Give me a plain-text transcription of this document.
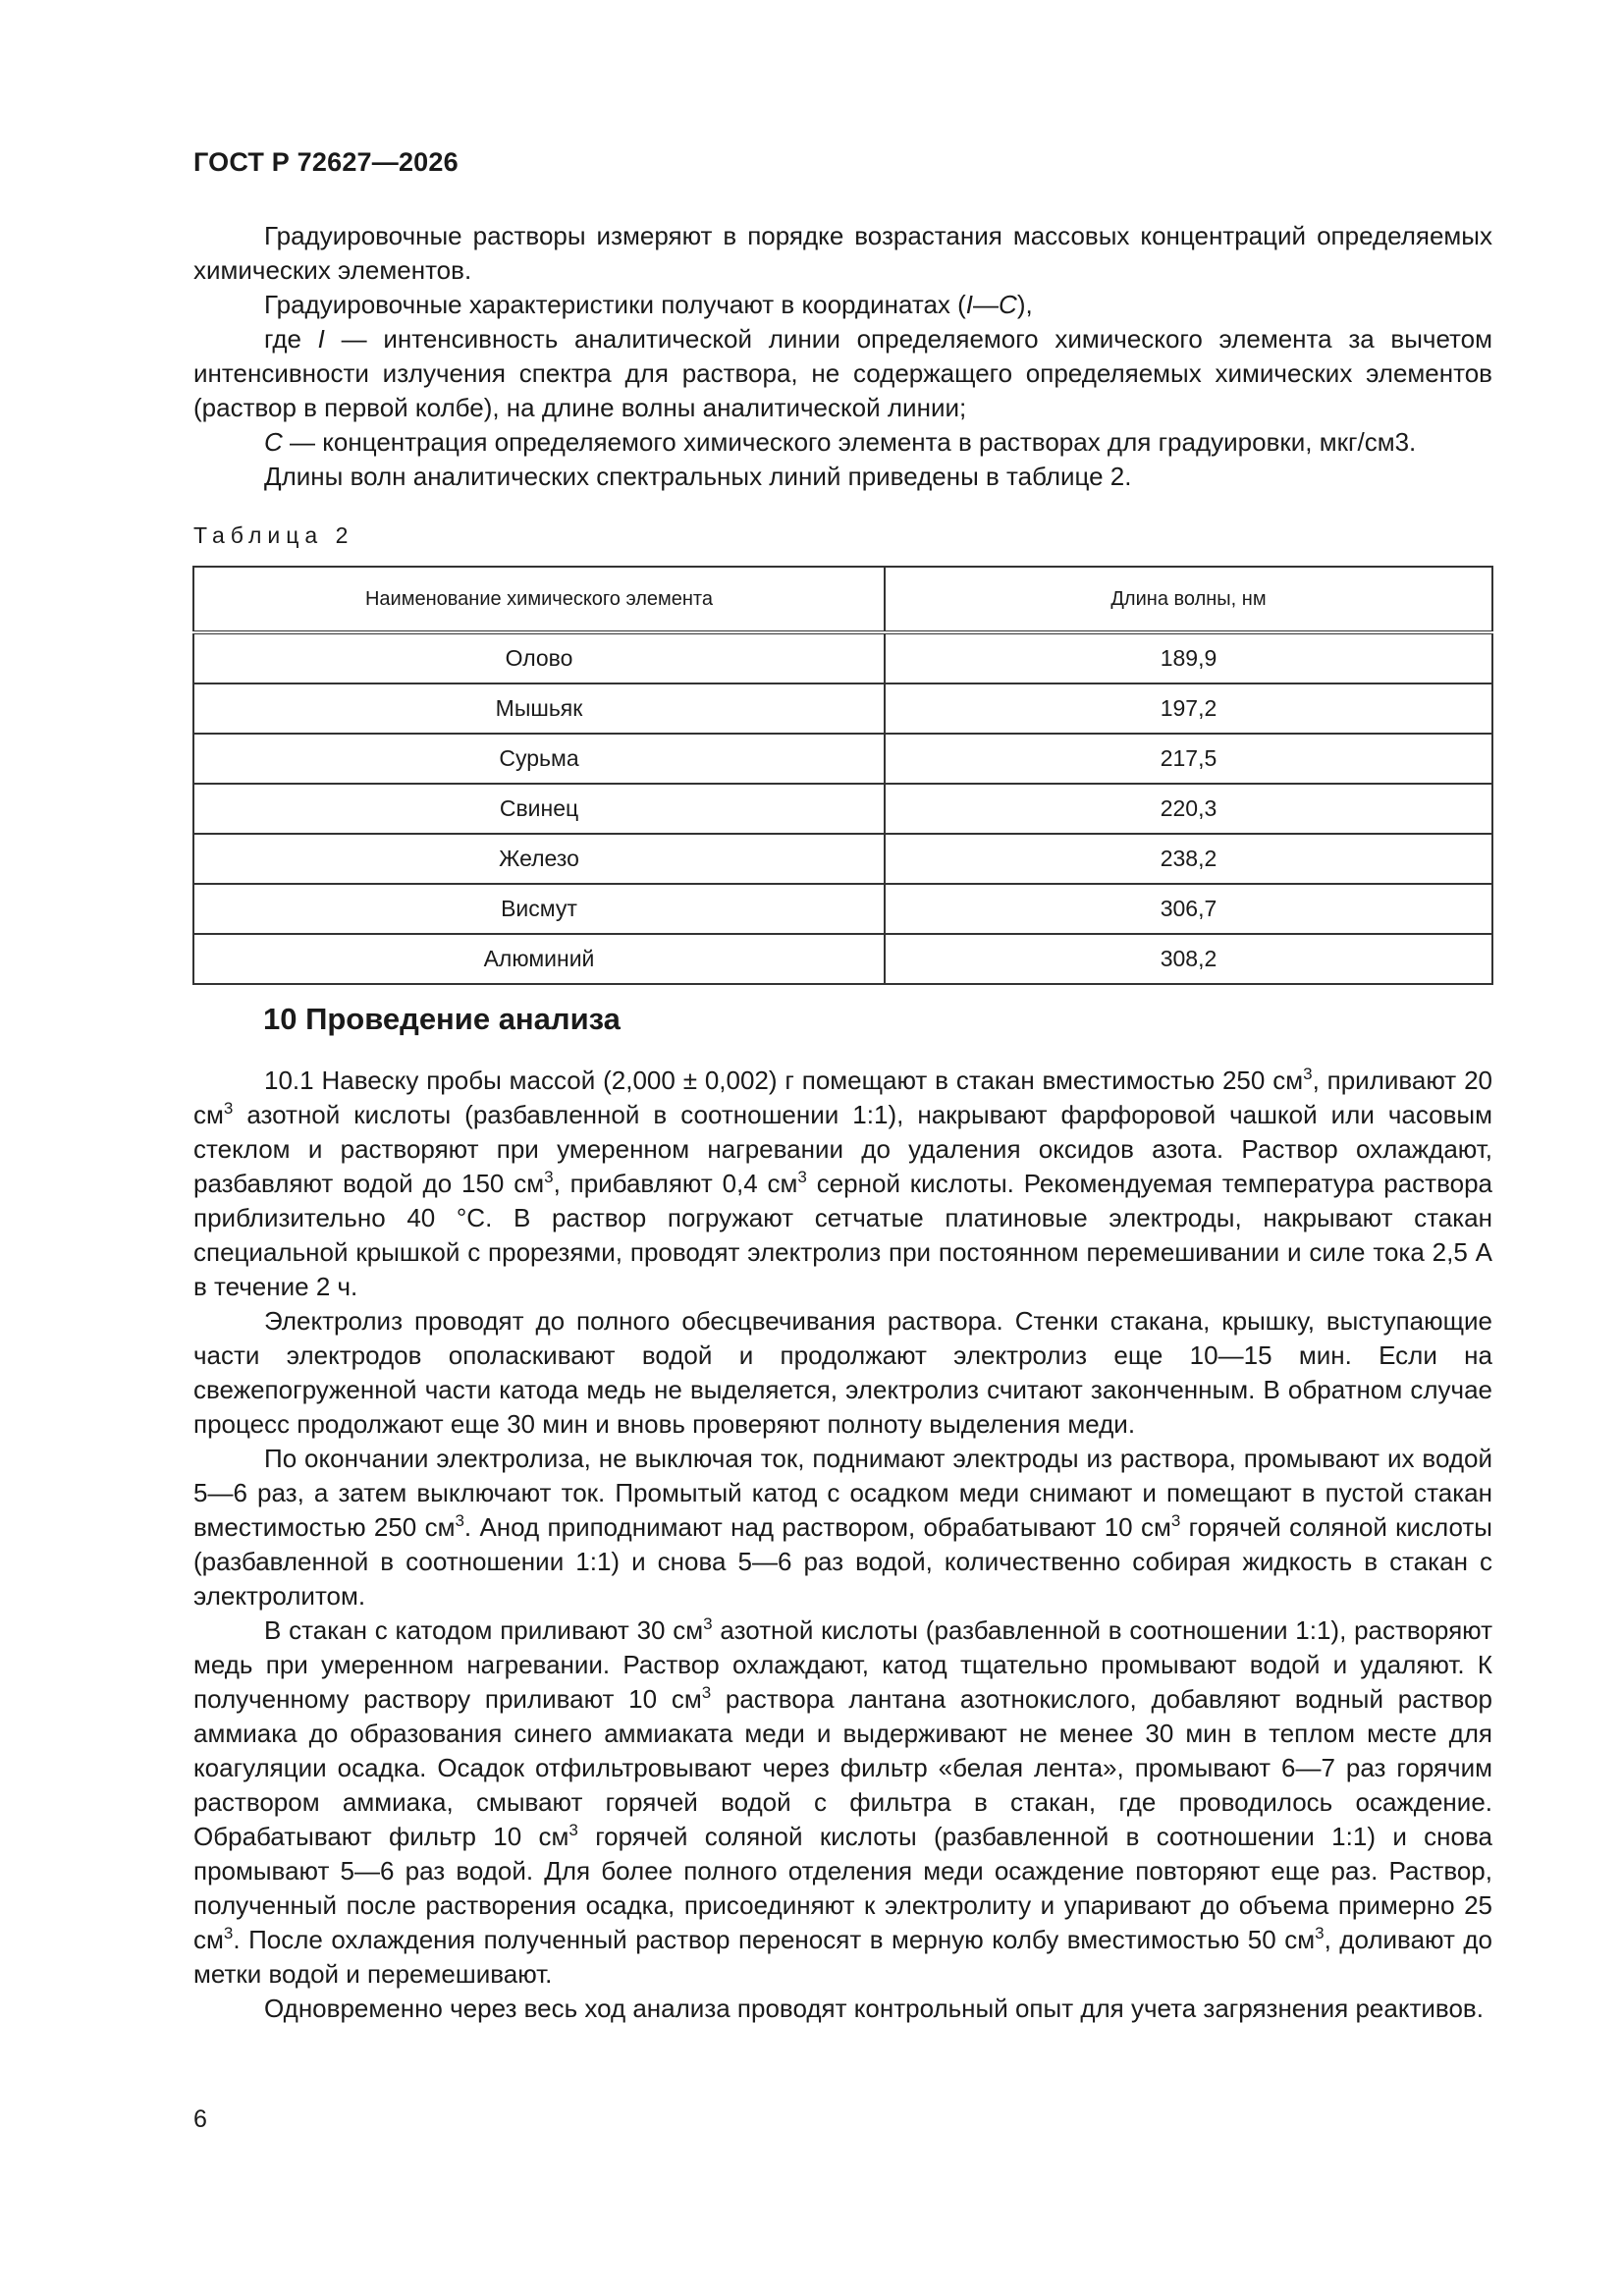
ГОСТ Р 72627—2026

Градуировочные растворы измеряют в порядке возрастания массовых концентраций определяемых химических элементов.

Градуировочные характеристики получают в координатах (I—C),

где I — интенсивность аналитической линии определяемого химического элемента за вычетом интенсивности излучения спектра для раствора, не содержащего определяемых химических элементов (раствор в первой колбе), на длине волны аналитической линии;

C — концентрация определяемого химического элемента в растворах для градуировки, мкг/см3.

Длины волн аналитических спектральных линий приведены в таблице 2.

Таблица 2
Наименование химического элемента	Длина волны, нм
Олово	189,9
Мышьяк	197,2
Сурьма	217,5
Свинец	220,3
Железо	238,2
Висмут	306,7
Алюминий	308,2
10 Проведение анализа

10.1 Навеску пробы массой (2,000 ± 0,002) г помещают в стакан вместимостью 250 $см^3$, приливают 20 $см^3$ азотной кислоты (разбавленной в соотношении 1:1), накрывают фарфоровой чашкой или часовым стеклом и растворяют при умеренном нагревании до удаления оксидов азота. Раствор охлаждают, разбавляют водой до 150 $см^3$, прибавляют 0,4 $см^3$ серной кислоты. Рекомендуемая температура раствора приблизительно 40 °С. В раствор погружают сетчатые платиновые электроды, накрывают стакан специальной крышкой с прорезями, проводят электролиз при постоянном перемешивании и силе тока 2,5 А в течение 2 ч.

Электролиз проводят до полного обесцвечивания раствора. Стенки стакана, крышку, выступающие части электродов ополаскивают водой и продолжают электролиз еще 10—15 мин. Если на свежепогруженной части катода медь не выделяется, электролиз считают законченным. В обратном случае процесс продолжают еще 30 мин и вновь проверяют полноту выделения меди.

По окончании электролиза, не выключая ток, поднимают электроды из раствора, промывают их водой 5—6 раз, а затем выключают ток. Промытый катод с осадком меди снимают и помещают в пустой стакан вместимостью 250 $см^3$. Анод приподнимают над раствором, обрабатывают 10 $см^3$ горячей соляной кислоты (разбавленной в соотношении 1:1) и снова 5—6 раз водой, количественно собирая жидкость в стакан с электролитом.

В стакан с катодом приливают 30 $см^3$ азотной кислоты (разбавленной в соотношении 1:1), растворяют медь при умеренном нагревании. Раствор охлаждают, катод тщательно промывают водой и удаляют. К полученному раствору приливают 10 $см^3$ раствора лантана азотнокислого, добавляют водный раствор аммиака до образования синего аммиаката меди и выдерживают не менее 30 мин в теплом месте для коагуляции осадка. Осадок отфильтровывают через фильтр «белая лента», промывают 6—7 раз горячим раствором аммиака, смывают горячей водой с фильтра в стакан, где проводилось осаждение. Обрабатывают фильтр 10 $см^3$ горячей соляной кислоты (разбавленной в соотношении 1:1) и снова промывают 5—6 раз водой. Для более полного отделения меди осаждение повторяют еще раз. Раствор, полученный после растворения осадка, присоединяют к электролиту и упаривают до объема примерно 25 $см^3$. После охлаждения полученный раствор переносят в мерную колбу вместимостью 50 $см^3$, доливают до метки водой и перемешивают.

Одновременно через весь ход анализа проводят контрольный опыт для учета загрязнения реактивов.

6
